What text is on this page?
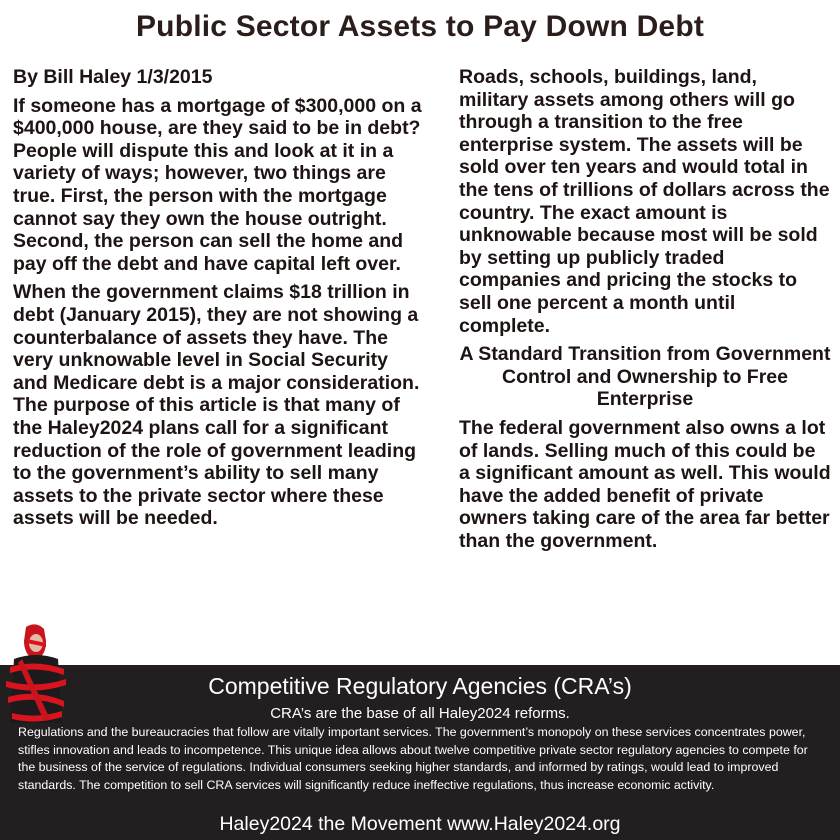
Public Sector Assets to Pay Down Debt
By Bill Haley 1/3/2015

If someone has a mortgage of $300,000 on a $400,000 house, are they said to be in debt? People will dispute this and look at it in a variety of ways; however, two things are true. First, the person with the mortgage cannot say they own the house outright. Second, the person can sell the home and pay off the debt and have capital left over.

When the government claims $18 trillion in debt (January 2015), they are not showing a counterbalance of assets they have. The very unknowable level in Social Security and Medicare debt is a major consideration. The purpose of this article is that many of the Haley2024 plans call for a significant reduction of the role of government leading to the government’s ability to sell many assets to the private sector where these assets will be needed.

Roads, schools, buildings, land, military assets among others will go through a transition to the free enterprise system. The assets will be sold over ten years and would total in the tens of trillions of dollars across the country. The exact amount is unknowable because most will be sold by setting up publicly traded companies and pricing the stocks to sell one percent a month until complete.

A Standard Transition from Government Control and Ownership to Free Enterprise

The federal government also owns a lot of lands. Selling much of this could be a significant amount as well. This would have the added benefit of private owners taking care of the area far better than the government.

Competitive Regulatory Agencies (CRA’s)
CRA’s are the base of all Haley2024 reforms.
Regulations and the bureaucracies that follow are vitally important services. The government’s monopoly on these services concentrates power, stifles innovation and leads to incompetence. This unique idea allows about twelve competitive private sector regulatory agencies to compete for the business of the service of regulations. Individual consumers seeking higher standards, and informed by ratings, would lead to improved standards. The competition to sell CRA services will significantly reduce ineffective regulations, thus increase economic activity.
Haley2024 the Movement www.Haley2024.org
